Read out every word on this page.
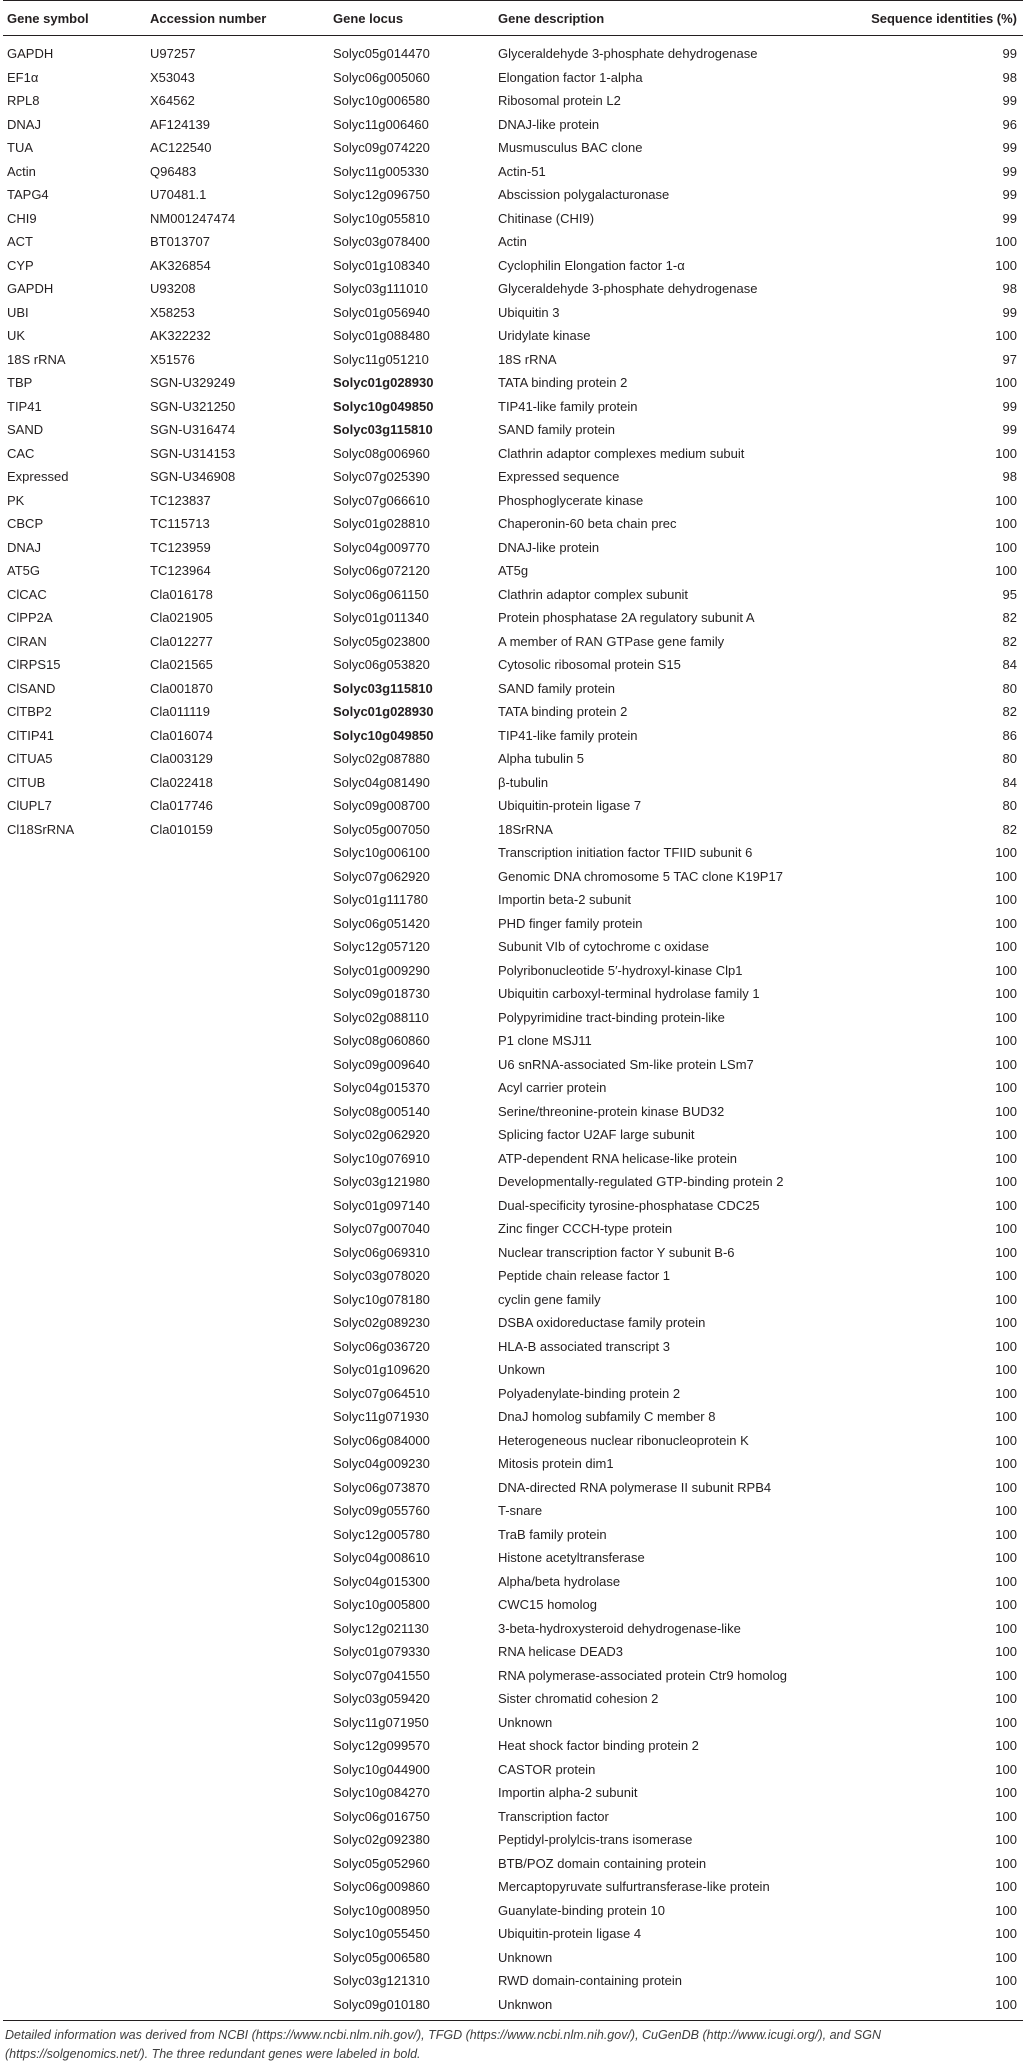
Gene symbol	Accession number	Gene locus	Gene description	Sequence identities (%)
GAPDH	U97257	Solyc05g014470	Glyceraldehyde 3-phosphate dehydrogenase	99
EF1α	X53043	Solyc06g005060	Elongation factor 1-alpha	98
RPL8	X64562	Solyc10g006580	Ribosomal protein L2	99
DNAJ	AF124139	Solyc11g006460	DNAJ-like protein	96
TUA	AC122540	Solyc09g074220	Musmusculus BAC clone	99
Actin	Q96483	Solyc11g005330	Actin-51	99
TAPG4	U70481.1	Solyc12g096750	Abscission polygalacturonase	99
CHI9	NM001247474	Solyc10g055810	Chitinase (CHI9)	99
ACT	BT013707	Solyc03g078400	Actin	100
CYP	AK326854	Solyc01g108340	Cyclophilin Elongation factor 1-α	100
GAPDH	U93208	Solyc03g111010	Glyceraldehyde 3-phosphate dehydrogenase	98
UBI	X58253	Solyc01g056940	Ubiquitin 3	99
UK	AK322232	Solyc01g088480	Uridylate kinase	100
18S rRNA	X51576	Solyc11g051210	18S rRNA	97
TBP	SGN-U329249	Solyc01g028930	TATA binding protein 2	100
TIP41	SGN-U321250	Solyc10g049850	TIP41-like family protein	99
SAND	SGN-U316474	Solyc03g115810	SAND family protein	99
CAC	SGN-U314153	Solyc08g006960	Clathrin adaptor complexes medium subuit	100
Expressed	SGN-U346908	Solyc07g025390	Expressed sequence	98
PK	TC123837	Solyc07g066610	Phosphoglycerate kinase	100
CBCP	TC115713	Solyc01g028810	Chaperonin-60 beta chain prec	100
DNAJ	TC123959	Solyc04g009770	DNAJ-like protein	100
AT5G	TC123964	Solyc06g072120	AT5g	100
ClCAC	Cla016178	Solyc06g061150	Clathrin adaptor complex subunit	95
ClPP2A	Cla021905	Solyc01g011340	Protein phosphatase 2A regulatory subunit A	82
ClRAN	Cla012277	Solyc05g023800	A member of RAN GTPase gene family	82
ClRPS15	Cla021565	Solyc06g053820	Cytosolic ribosomal protein S15	84
ClSAND	Cla001870	Solyc03g115810	SAND family protein	80
ClTBP2	Cla011119	Solyc01g028930	TATA binding protein 2	82
ClTIP41	Cla016074	Solyc10g049850	TIP41-like family protein	86
ClTUA5	Cla003129	Solyc02g087880	Alpha tubulin 5	80
ClTUB	Cla022418	Solyc04g081490	β-tubulin	84
ClUPL7	Cla017746	Solyc09g008700	Ubiquitin-protein ligase 7	80
Cl18SrRNA	Cla010159	Solyc05g007050	18SrRNA	82
		Solyc10g006100	Transcription initiation factor TFIID subunit 6	100
		Solyc07g062920	Genomic DNA chromosome 5 TAC clone K19P17	100
		Solyc01g111780	Importin beta-2 subunit	100
		Solyc06g051420	PHD finger family protein	100
		Solyc12g057120	Subunit VIb of cytochrome c oxidase	100
		Solyc01g009290	Polyribonucleotide 5′-hydroxyl-kinase Clp1	100
		Solyc09g018730	Ubiquitin carboxyl-terminal hydrolase family 1	100
		Solyc02g088110	Polypyrimidine tract-binding protein-like	100
		Solyc08g060860	P1 clone MSJ11	100
		Solyc09g009640	U6 snRNA-associated Sm-like protein LSm7	100
		Solyc04g015370	Acyl carrier protein	100
		Solyc08g005140	Serine/threonine-protein kinase BUD32	100
		Solyc02g062920	Splicing factor U2AF large subunit	100
		Solyc10g076910	ATP-dependent RNA helicase-like protein	100
		Solyc03g121980	Developmentally-regulated GTP-binding protein 2	100
		Solyc01g097140	Dual-specificity tyrosine-phosphatase CDC25	100
		Solyc07g007040	Zinc finger CCCH-type protein	100
		Solyc06g069310	Nuclear transcription factor Y subunit B-6	100
		Solyc03g078020	Peptide chain release factor 1	100
		Solyc10g078180	cyclin gene family	100
		Solyc02g089230	DSBA oxidoreductase family protein	100
		Solyc06g036720	HLA-B associated transcript 3	100
		Solyc01g109620	Unkown	100
		Solyc07g064510	Polyadenylate-binding protein 2	100
		Solyc11g071930	DnaJ homolog subfamily C member 8	100
		Solyc06g084000	Heterogeneous nuclear ribonucleoprotein K	100
		Solyc04g009230	Mitosis protein dim1	100
		Solyc06g073870	DNA-directed RNA polymerase II subunit RPB4	100
		Solyc09g055760	T-snare	100
		Solyc12g005780	TraB family protein	100
		Solyc04g008610	Histone acetyltransferase	100
		Solyc04g015300	Alpha/beta hydrolase	100
		Solyc10g005800	CWC15 homolog	100
		Solyc12g021130	3-beta-hydroxysteroid dehydrogenase-like	100
		Solyc01g079330	RNA helicase DEAD3	100
		Solyc07g041550	RNA polymerase-associated protein Ctr9 homolog	100
		Solyc03g059420	Sister chromatid cohesion 2	100
		Solyc11g071950	Unknown	100
		Solyc12g099570	Heat shock factor binding protein 2	100
		Solyc10g044900	CASTOR protein	100
		Solyc10g084270	Importin alpha-2 subunit	100
		Solyc06g016750	Transcription factor	100
		Solyc02g092380	Peptidyl-prolylcis-trans isomerase	100
		Solyc05g052960	BTB/POZ domain containing protein	100
		Solyc06g009860	Mercaptopyruvate sulfurtransferase-like protein	100
		Solyc10g008950	Guanylate-binding protein 10	100
		Solyc10g055450	Ubiquitin-protein ligase 4	100
		Solyc05g006580	Unknown	100
		Solyc03g121310	RWD domain-containing protein	100
		Solyc09g010180	Unknwon	100
Detailed information was derived from NCBI (https://www.ncbi.nlm.nih.gov/), TFGD (https://www.ncbi.nlm.nih.gov/), CuGenDB (http://www.icugi.org/), and SGN (https://solgenomics.net/). The three redundant genes were labeled in bold.
